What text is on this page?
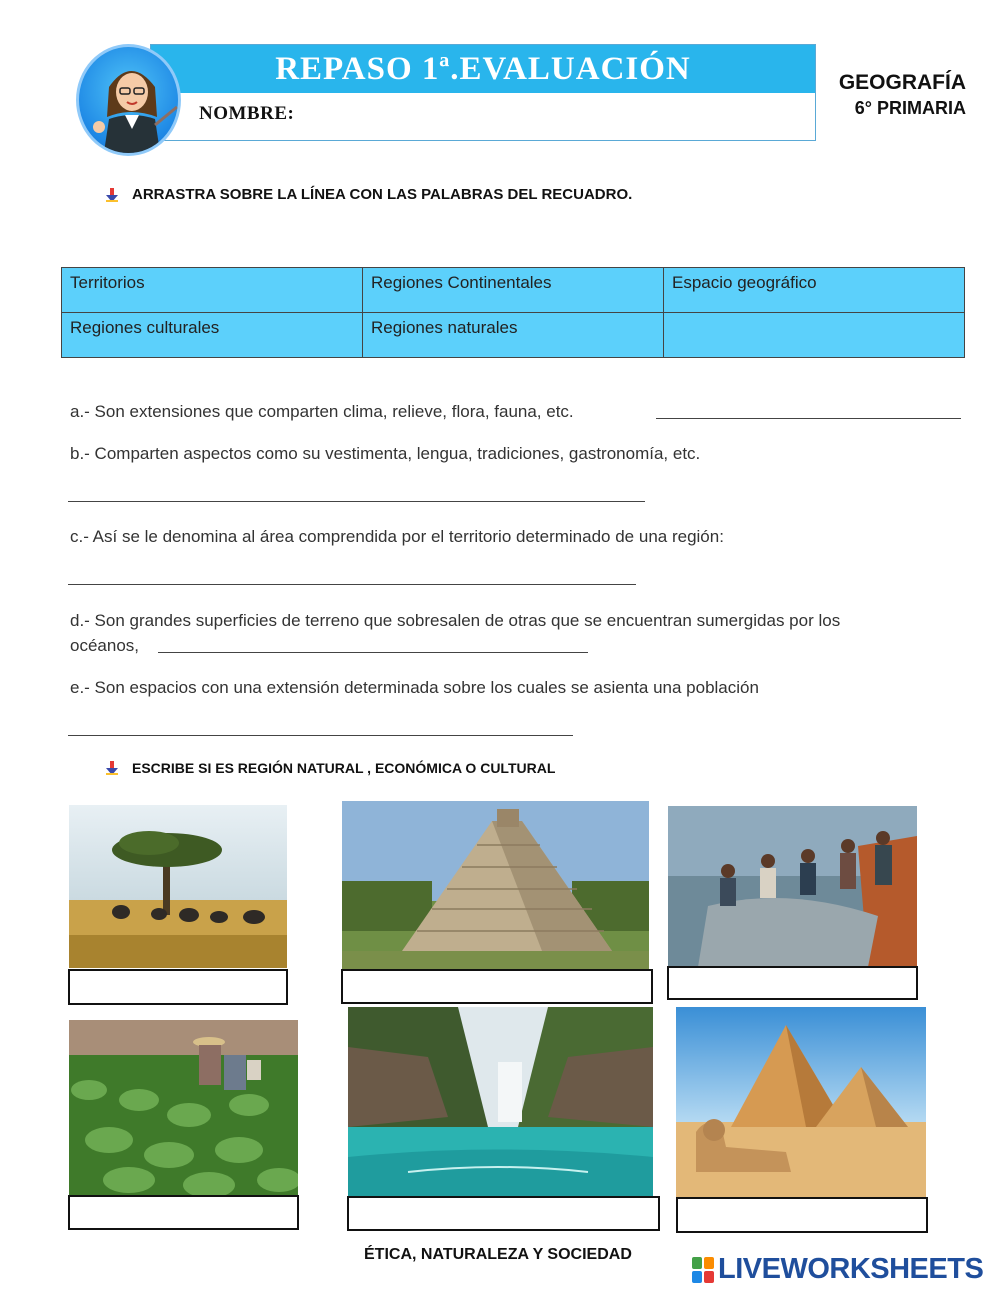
REPASO 1ª.EVALUACIÓN
NOMBRE:
GEOGRAFÍA
6° PRIMARIA
ARRASTRA SOBRE LA LÍNEA CON LAS PALABRAS DEL RECUADRO.
Territorios	Regiones Continentales	Espacio geográfico
Regiones culturales	Regiones naturales	
a.- Son extensiones que comparten clima, relieve, flora, fauna, etc.
b.- Comparten aspectos como su vestimenta, lengua, tradiciones, gastronomía, etc.
c.- Así se le denomina al área comprendida por el territorio determinado de una región:
d.- Son grandes superficies de terreno que sobresalen de otras que se encuentran sumergidas por los
océanos,
e.- Son espacios con una extensión determinada sobre los cuales se asienta una población
ESCRIBE SI ES REGIÓN NATURAL , ECONÓMICA O CULTURAL
ÉTICA, NATURALEZA Y SOCIEDAD	LIVEWORKSHEETS
